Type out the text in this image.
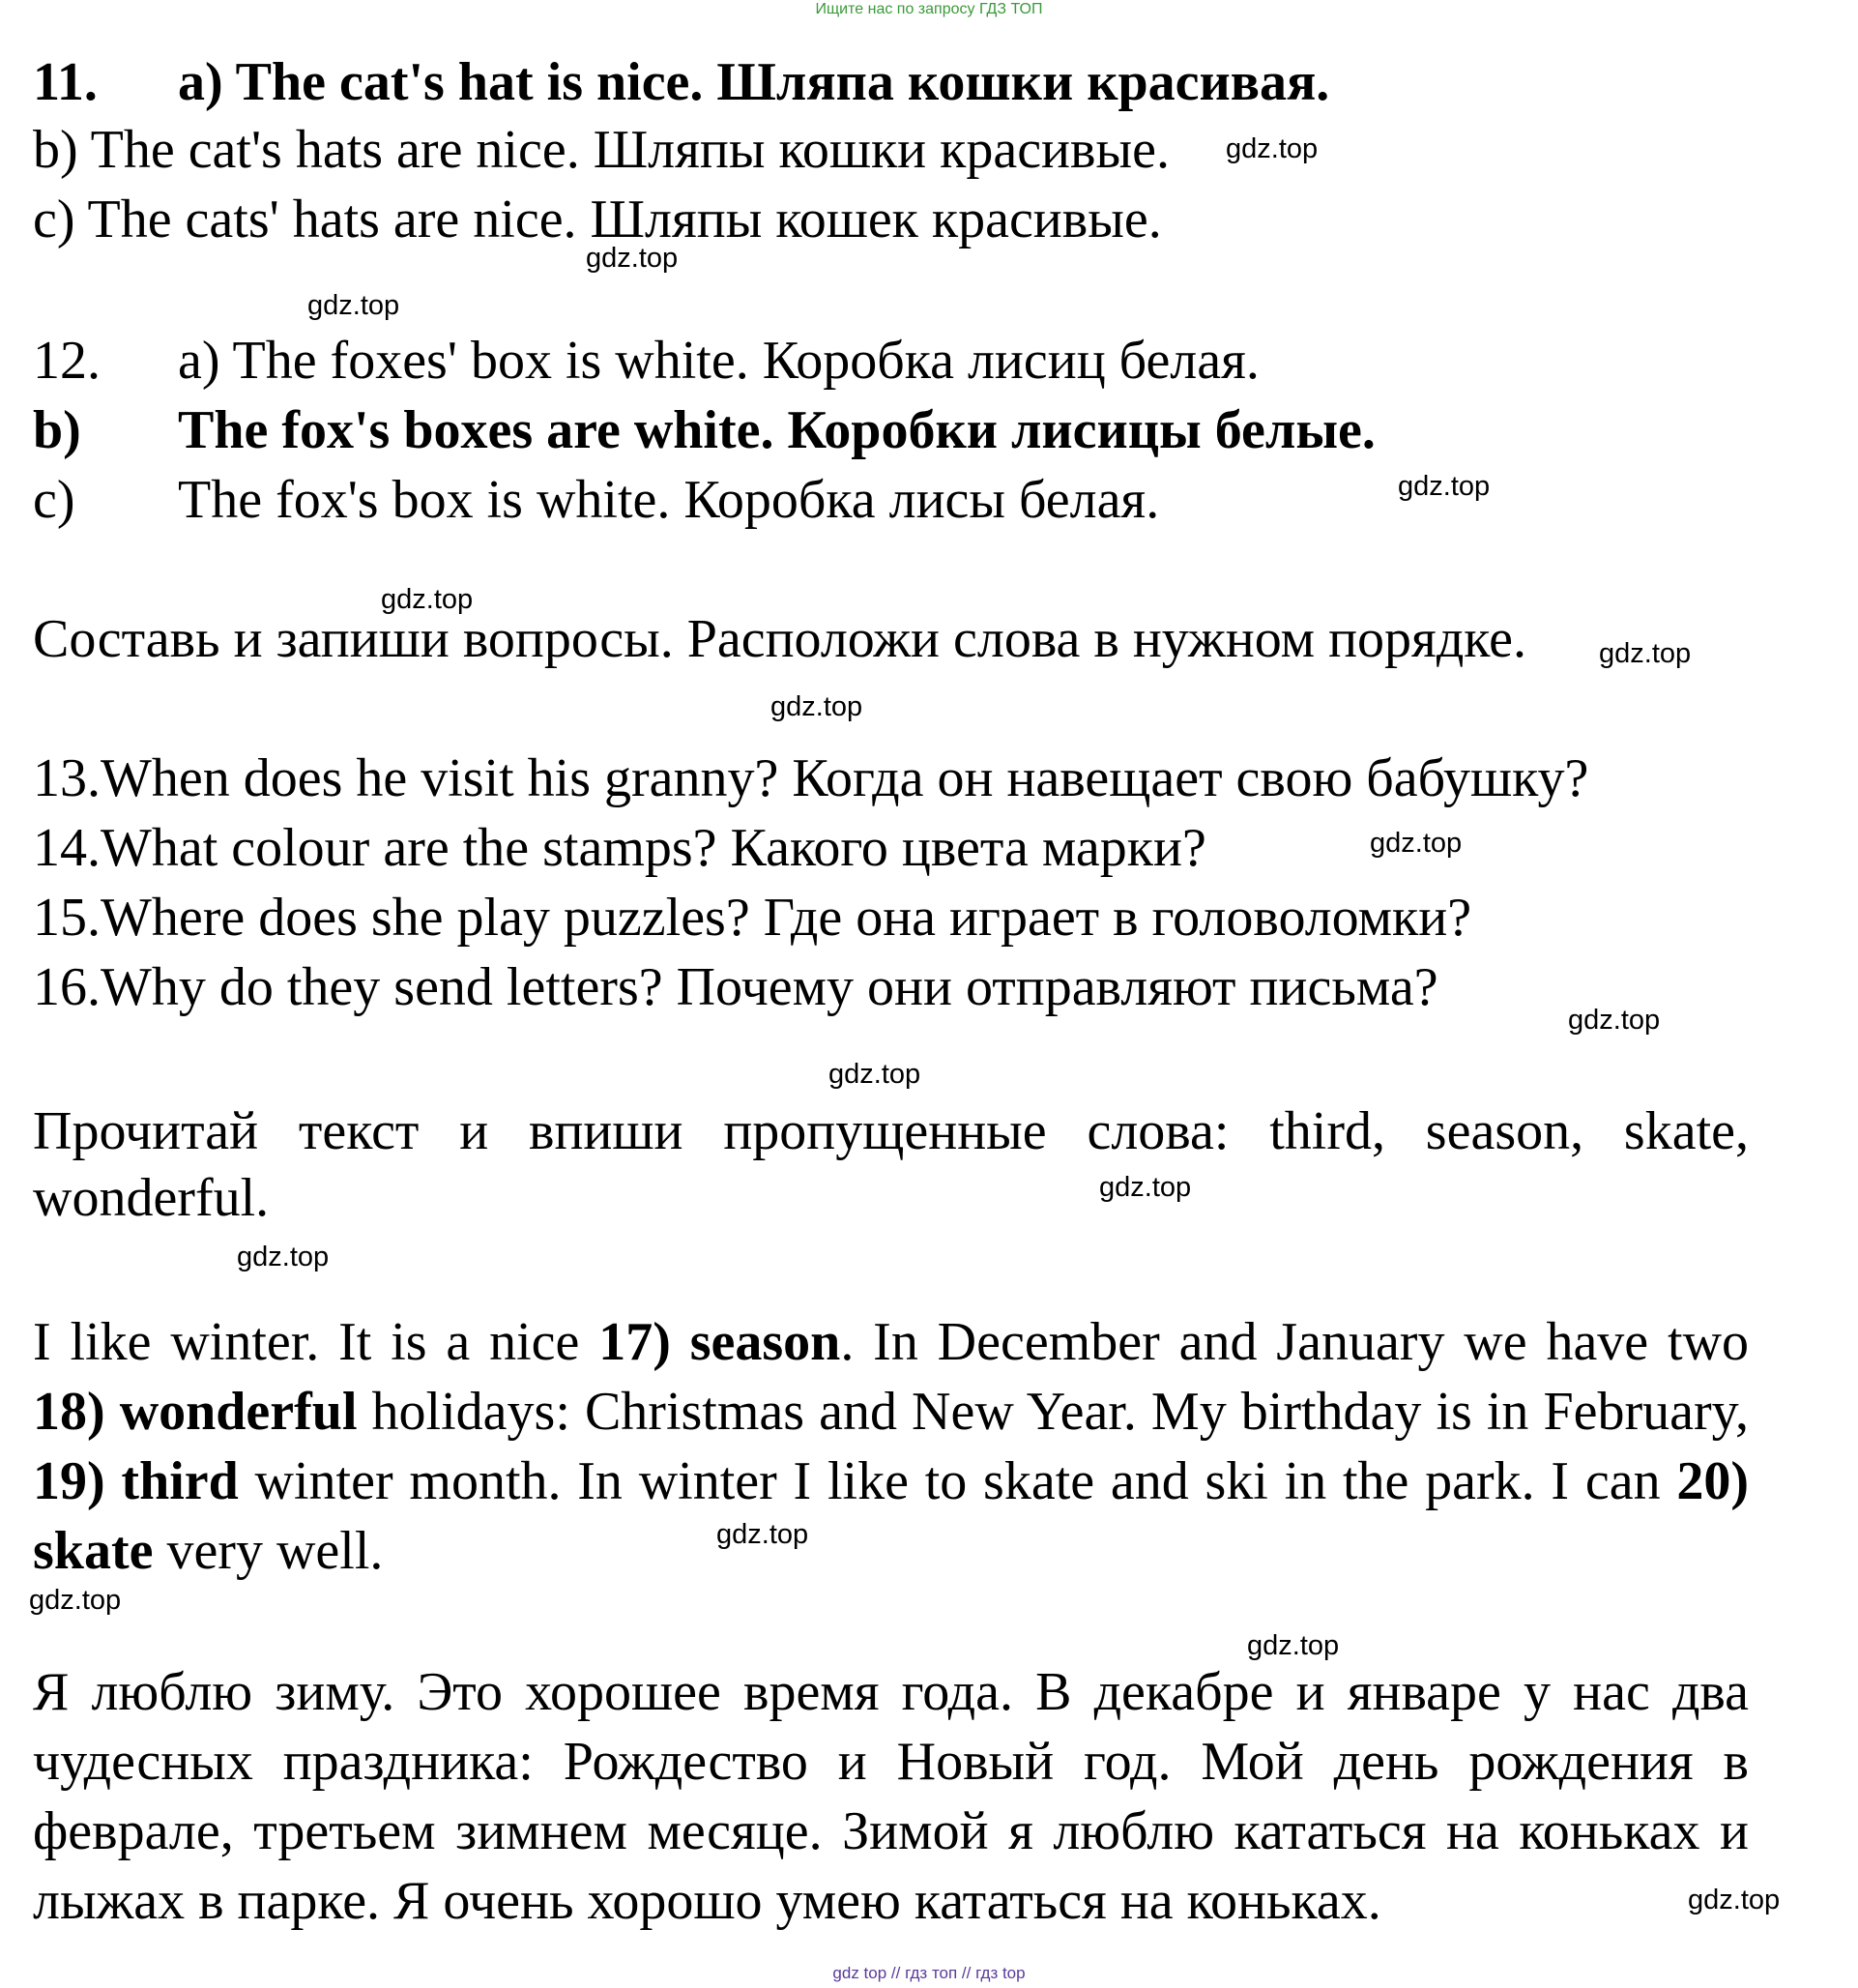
Ищите нас по запросу ГДЗ ТОП
11. a) The cat's hat is nice. Шляпа кошки красивая.
b) The cat's hats are nice. Шляпы кошки красивые.
c) The cats' hats are nice. Шляпы кошек красивые.
12. a) The foxes' box is white. Коробка лисиц белая.
b) The fox's boxes are white. Коробки лисицы белые.
c) The fox's box is white. Коробка лисы белая.
Составь и запиши вопросы. Расположи слова в нужном порядке.
13.When does he visit his granny? Когда он навещает свою бабушку?
14.What colour are the stamps? Какого цвета марки?
15.Where does she play puzzles? Где она играет в головоломки?
16.Why do they send letters? Почему они отправляют письма?
Прочитай текст и впиши пропущенные слова: third, season, skate,
wonderful.
I like winter. It is a nice 17) season. In December and January we have two 18) wonderful holidays: Christmas and New Year. My birthday is in February, 19) third winter month. In winter I like to skate and ski in the park. I can 20) skate very well.
Я люблю зиму. Это хорошее время года. В декабре и январе у нас два чудесных праздника: Рождество и Новый год. Мой день рождения в феврале, третьем зимнем месяце. Зимой я люблю кататься на коньках и лыжах в парке. Я очень хорошо умею кататься на коньках.
gdz.top
gdz.top
gdz.top
gdz.top
gdz.top
gdz.top
gdz.top
gdz.top
gdz.top
gdz.top
gdz.top
gdz.top
gdz.top
gdz.top
gdz.top
gdz.top
gdz top // гдз топ // гдз top
